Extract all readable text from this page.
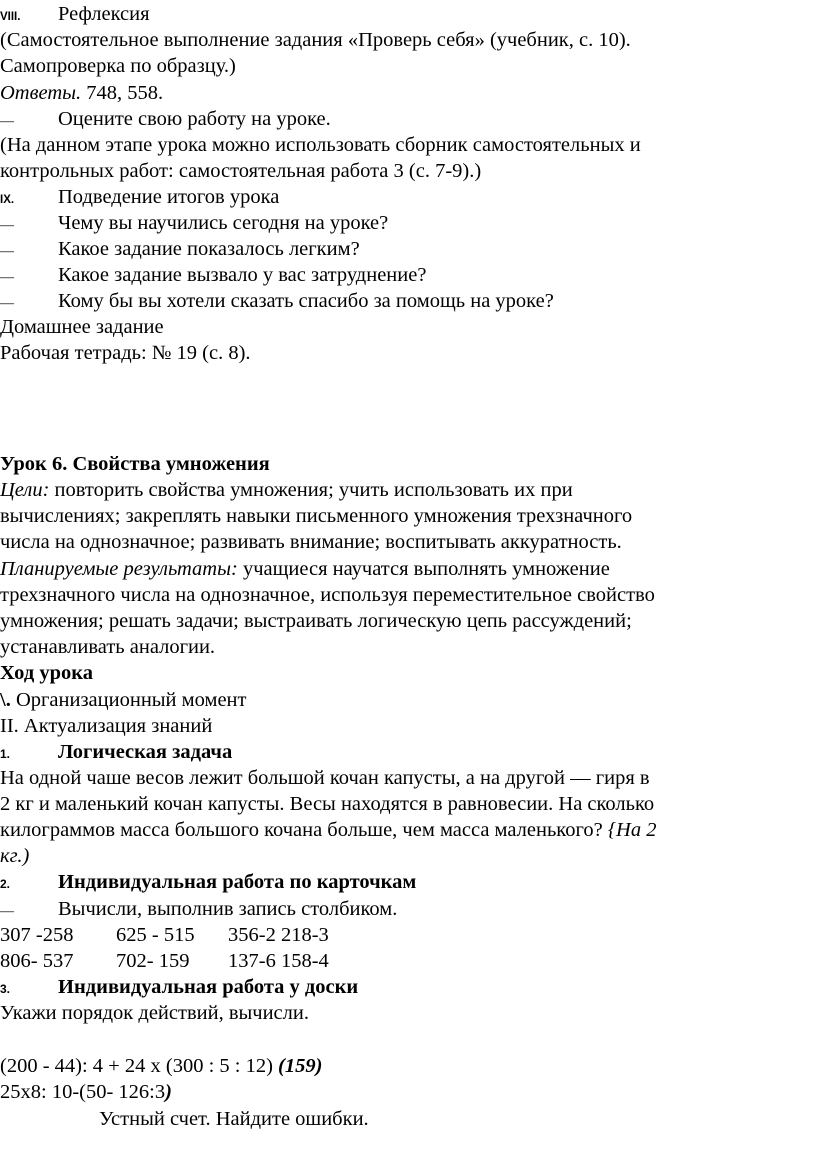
VIII. Рефлексия
(Самостоятельное выполнение задания «Проверь себя» (учебник, с. 10).
Самопроверка по образцу.)
Ответы. 748, 558.
— Оцените свою работу на уроке.
(На данном этапе урока можно использовать сборник самостоятельных и
контрольных работ: самостоятельная работа 3 (с. 7-9).)
IX. Подведение итогов урока
— Чему вы научились сегодня на уроке?
— Какое задание показалось легким?
— Какое задание вызвало у вас затруднение?
— Кому бы вы хотели сказать спасибо за помощь на уроке?
Домашнее задание
Рабочая тетрадь: № 19 (с. 8).
Урок 6. Свойства умножения
Цели: повторить свойства умножения; учить использовать их при
вычислениях; закреплять навыки письменного умножения трехзначного
числа на однозначное; развивать внимание; воспитывать аккуратность.
Планируемые результаты: учащиеся научатся выполнять умножение
трехзначного числа на однозначное, используя переместительное свойство
умножения; решать задачи; выстраивать логическую цепь рассуждений;
устанавливать аналогии.
Ход урока
\. Организационный момент
II. Актуализация знаний
1. Логическая задача
На одной чаше весов лежит большой кочан капусты, а на другой — гиря в
2 кг и маленький кочан капусты. Весы находятся в равновесии. На сколько
килограммов масса большого кочана больше, чем масса маленького? {На 2
кг.)
2. Индивидуальная работа по карточкам
— Вычисли, выполнив запись столбиком.
307 -258 625 - 515 356-2 218-3
806- 537 702- 159 137-6 158-4
3. Индивидуальная работа у доски
Укажи порядок действий, вычисли.
(200 - 44): 4 + 24 х (300 : 5 : 12) (159)
25x8: 10-(50- 126:3)
Устный счет. Найдите ошибки.
